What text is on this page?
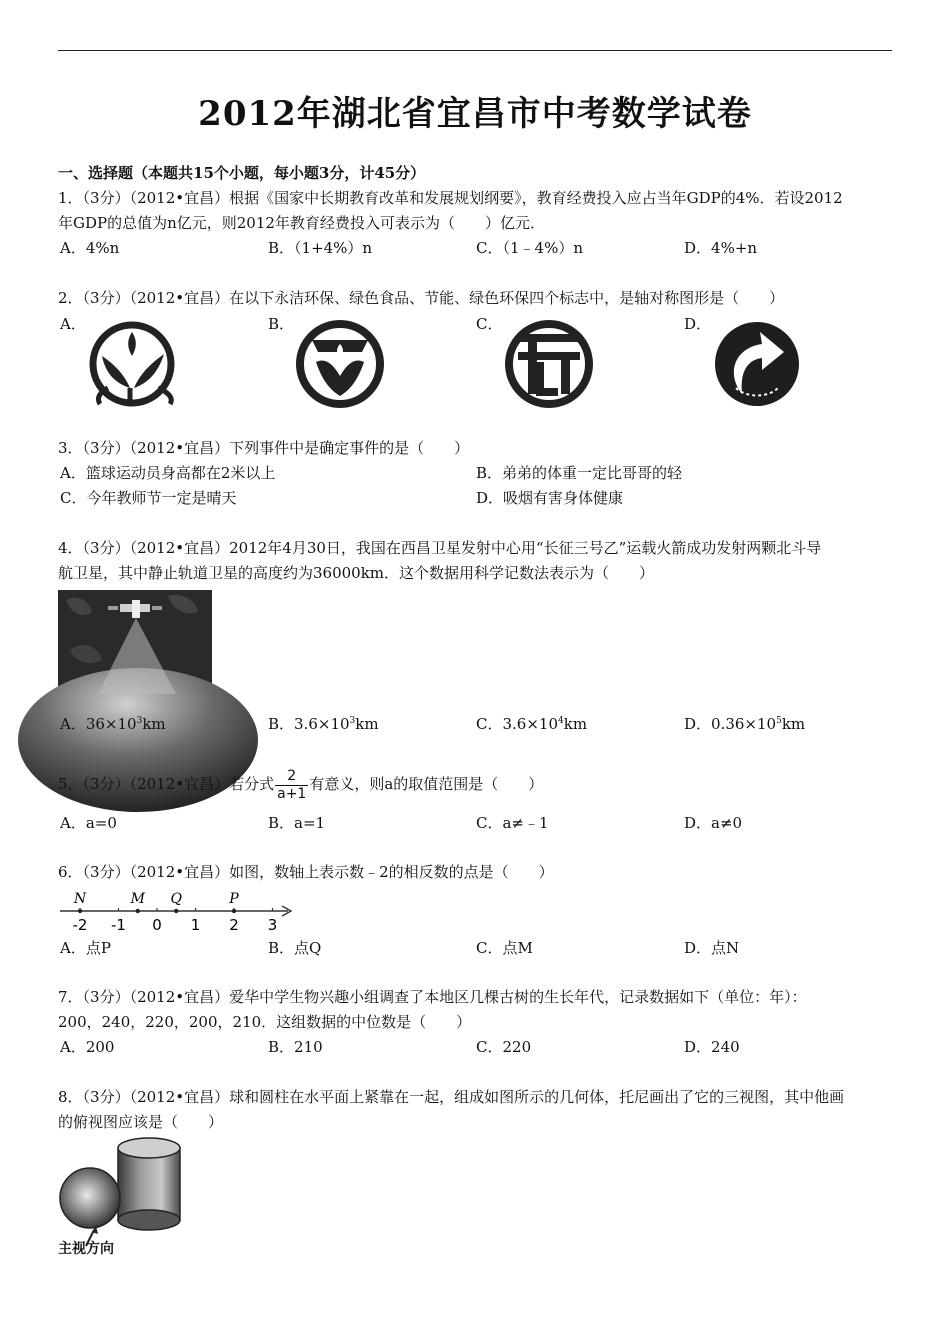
2012年湖北省宜昌市中考数学试卷
一、选择题（本题共15个小题，每小题3分，计45分）
1．（3分）（2012•宜昌）根据《国家中长期教育改革和发展规划纲要》，教育经费投入应占当年GDP的4%．若设2012
年GDP的总值为n亿元，则2012年教育经费投入可表示为（　　）亿元．
A．4%n	B．（1+4%）n	C．（1﹣4%）n	D．4%+n
2．（3分）（2012•宜昌）在以下永洁环保、绿色食品、节能、绿色环保四个标志中，是轴对称图形是（　　）
A．	B．	C．	D．
3．（3分）（2012•宜昌）下列事件中是确定事件的是（　　）
A．篮球运动员身高都在2米以上	B．弟弟的体重一定比哥哥的轻
C．今年教师节一定是晴天	D．吸烟有害身体健康
4．（3分）（2012•宜昌）2012年4月30日，我国在西昌卫星发射中心用“长征三号乙”运载火箭成功发射两颗北斗导
航卫星，其中静止轨道卫星的高度约为36000km．这个数据用科学记数法表示为（　　）
A．$36\times 10^3km$	B．$3.6\times 10^3km$	C．$3.6\times 10^4km$	D．$0.36\times 10^5km$
5．（3分）（2012•宜昌）若分式 $\frac{2}{a+1}$ 有意义，则a的取值范围是（　　）
A．a=0	B．a=1	C．a≠﹣1	D．a≠0
6．（3分）（2012•宜昌）如图，数轴上表示数﹣2的相反数的点是（　　）
-2 -1 0 1 2 3
N	M Q	P
A．点P	B．点Q	C．点M	D．点N
7．（3分）（2012•宜昌）爱华中学生物兴趣小组调查了本地区几棵古树的生长年代，记录数据如下（单位：年）：
200，240，220，200，210．这组数据的中位数是（　　）
A．200	B．210	C．220	D．240
8．（3分）（2012•宜昌）球和圆柱在水平面上紧靠在一起，组成如图所示的几何体，托尼画出了它的三视图，其中他画
的俯视图应该是（　　）
主视方向
